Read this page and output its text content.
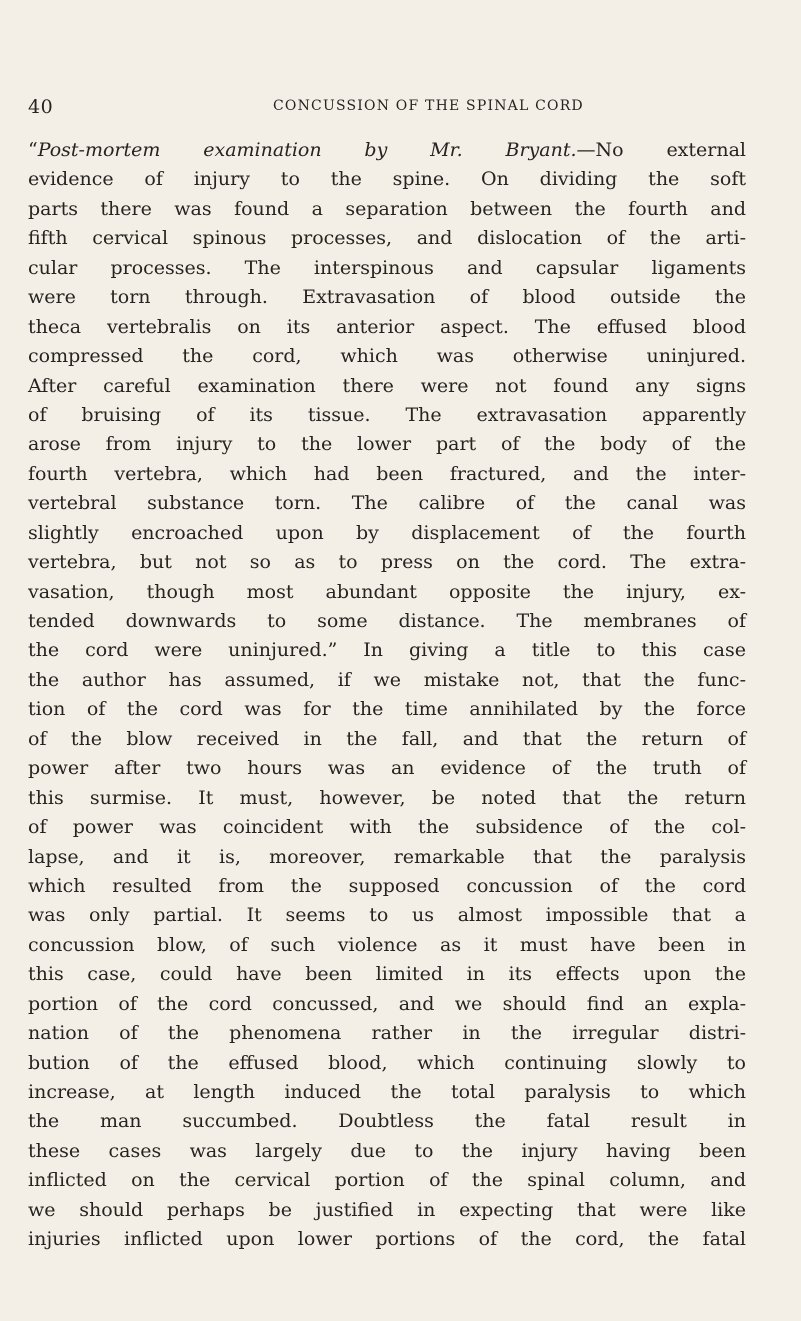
40	CONCUSSION OF THE SPINAL CORD
“Post-mortem examination by Mr. Bryant.—No external
evidence of injury to the spine. On dividing the soft
parts there was found a separation between the fourth and
fifth cervical spinous processes, and dislocation of the arti-
cular processes. The interspinous and capsular ligaments
were torn through. Extravasation of blood outside the
theca vertebralis on its anterior aspect. The effused blood
compressed the cord, which was otherwise uninjured.
After careful examination there were not found any signs
of bruising of its tissue. The extravasation apparently
arose from injury to the lower part of the body of the
fourth vertebra, which had been fractured, and the inter-
vertebral substance torn. The calibre of the canal was
slightly encroached upon by displacement of the fourth
vertebra, but not so as to press on the cord. The extra-
vasation, though most abundant opposite the injury, ex-
tended downwards to some distance. The membranes of
the cord were uninjured.” In giving a title to this case
the author has assumed, if we mistake not, that the func-
tion of the cord was for the time annihilated by the force
of the blow received in the fall, and that the return of
power after two hours was an evidence of the truth of
this surmise. It must, however, be noted that the return
of power was coincident with the subsidence of the col-
lapse, and it is, moreover, remarkable that the paralysis
which resulted from the supposed concussion of the cord
was only partial. It seems to us almost impossible that a
concussion blow, of such violence as it must have been in
this case, could have been limited in its effects upon the
portion of the cord concussed, and we should find an expla-
nation of the phenomena rather in the irregular distri-
bution of the effused blood, which continuing slowly to
increase, at length induced the total paralysis to which
the man succumbed. Doubtless the fatal result in
these cases was largely due to the injury having been
inflicted on the cervical portion of the spinal column, and
we should perhaps be justified in expecting that were like
injuries inflicted upon lower portions of the cord, the fatal
